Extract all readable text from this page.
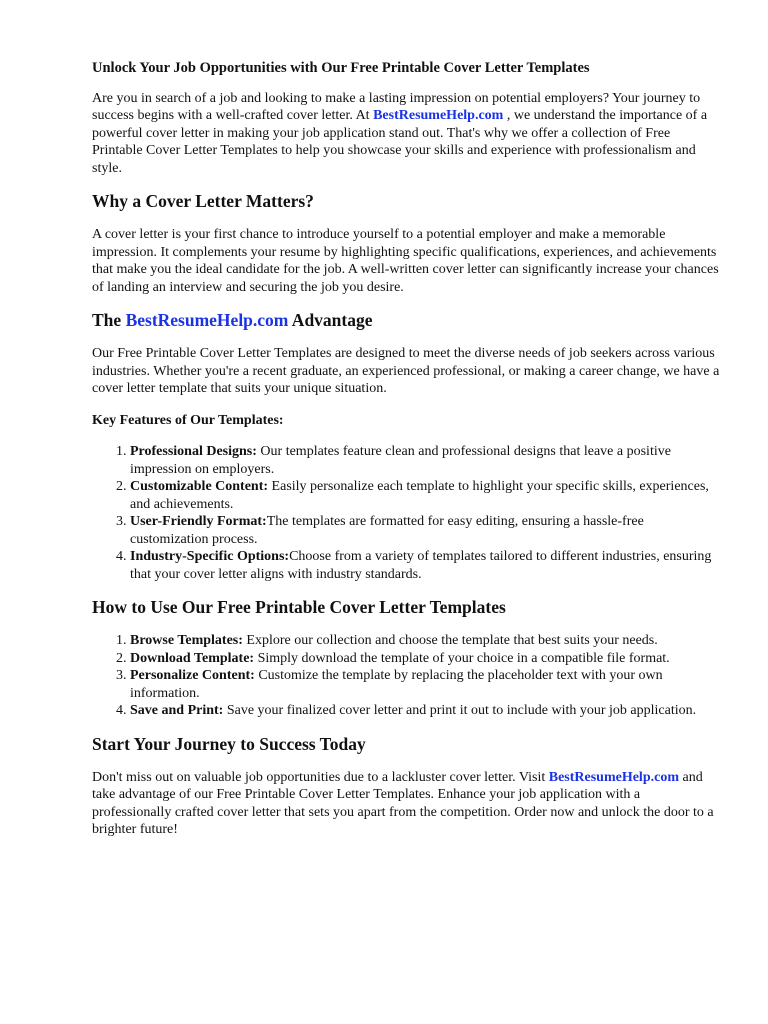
Unlock Your Job Opportunities with Our Free Printable Cover Letter Templates

Are you in search of a job and looking to make a lasting impression on potential employers? Your journey to success begins with a well-crafted cover letter. At BestResumeHelp.com , we understand the importance of a powerful cover letter in making your job application stand out. That's why we offer a collection of Free Printable Cover Letter Templates to help you showcase your skills and experience with professionalism and style.

Why a Cover Letter Matters?

A cover letter is your first chance to introduce yourself to a potential employer and make a memorable impression. It complements your resume by highlighting specific qualifications, experiences, and achievements that make you the ideal candidate for the job. A well-written cover letter can significantly increase your chances of landing an interview and securing the job you desire.

The BestResumeHelp.com Advantage

Our Free Printable Cover Letter Templates are designed to meet the diverse needs of job seekers across various industries. Whether you're a recent graduate, an experienced professional, or making a career change, we have a cover letter template that suits your unique situation.

Key Features of Our Templates:
1. Professional Designs: Our templates feature clean and professional designs that leave a positive impression on employers.
2. Customizable Content: Easily personalize each template to highlight your specific skills, experiences, and achievements.
3. User-Friendly Format:The templates are formatted for easy editing, ensuring a hassle-free customization process.
4. Industry-Specific Options:Choose from a variety of templates tailored to different industries, ensuring that your cover letter aligns with industry standards.
How to Use Our Free Printable Cover Letter Templates
1. Browse Templates: Explore our collection and choose the template that best suits your needs.
2. Download Template: Simply download the template of your choice in a compatible file format.
3. Personalize Content: Customize the template by replacing the placeholder text with your own information.
4. Save and Print: Save your finalized cover letter and print it out to include with your job application.
Start Your Journey to Success Today

Don't miss out on valuable job opportunities due to a lackluster cover letter. Visit BestResumeHelp.com and take advantage of our Free Printable Cover Letter Templates. Enhance your job application with a professionally crafted cover letter that sets you apart from the competition. Order now and unlock the door to a brighter future!
